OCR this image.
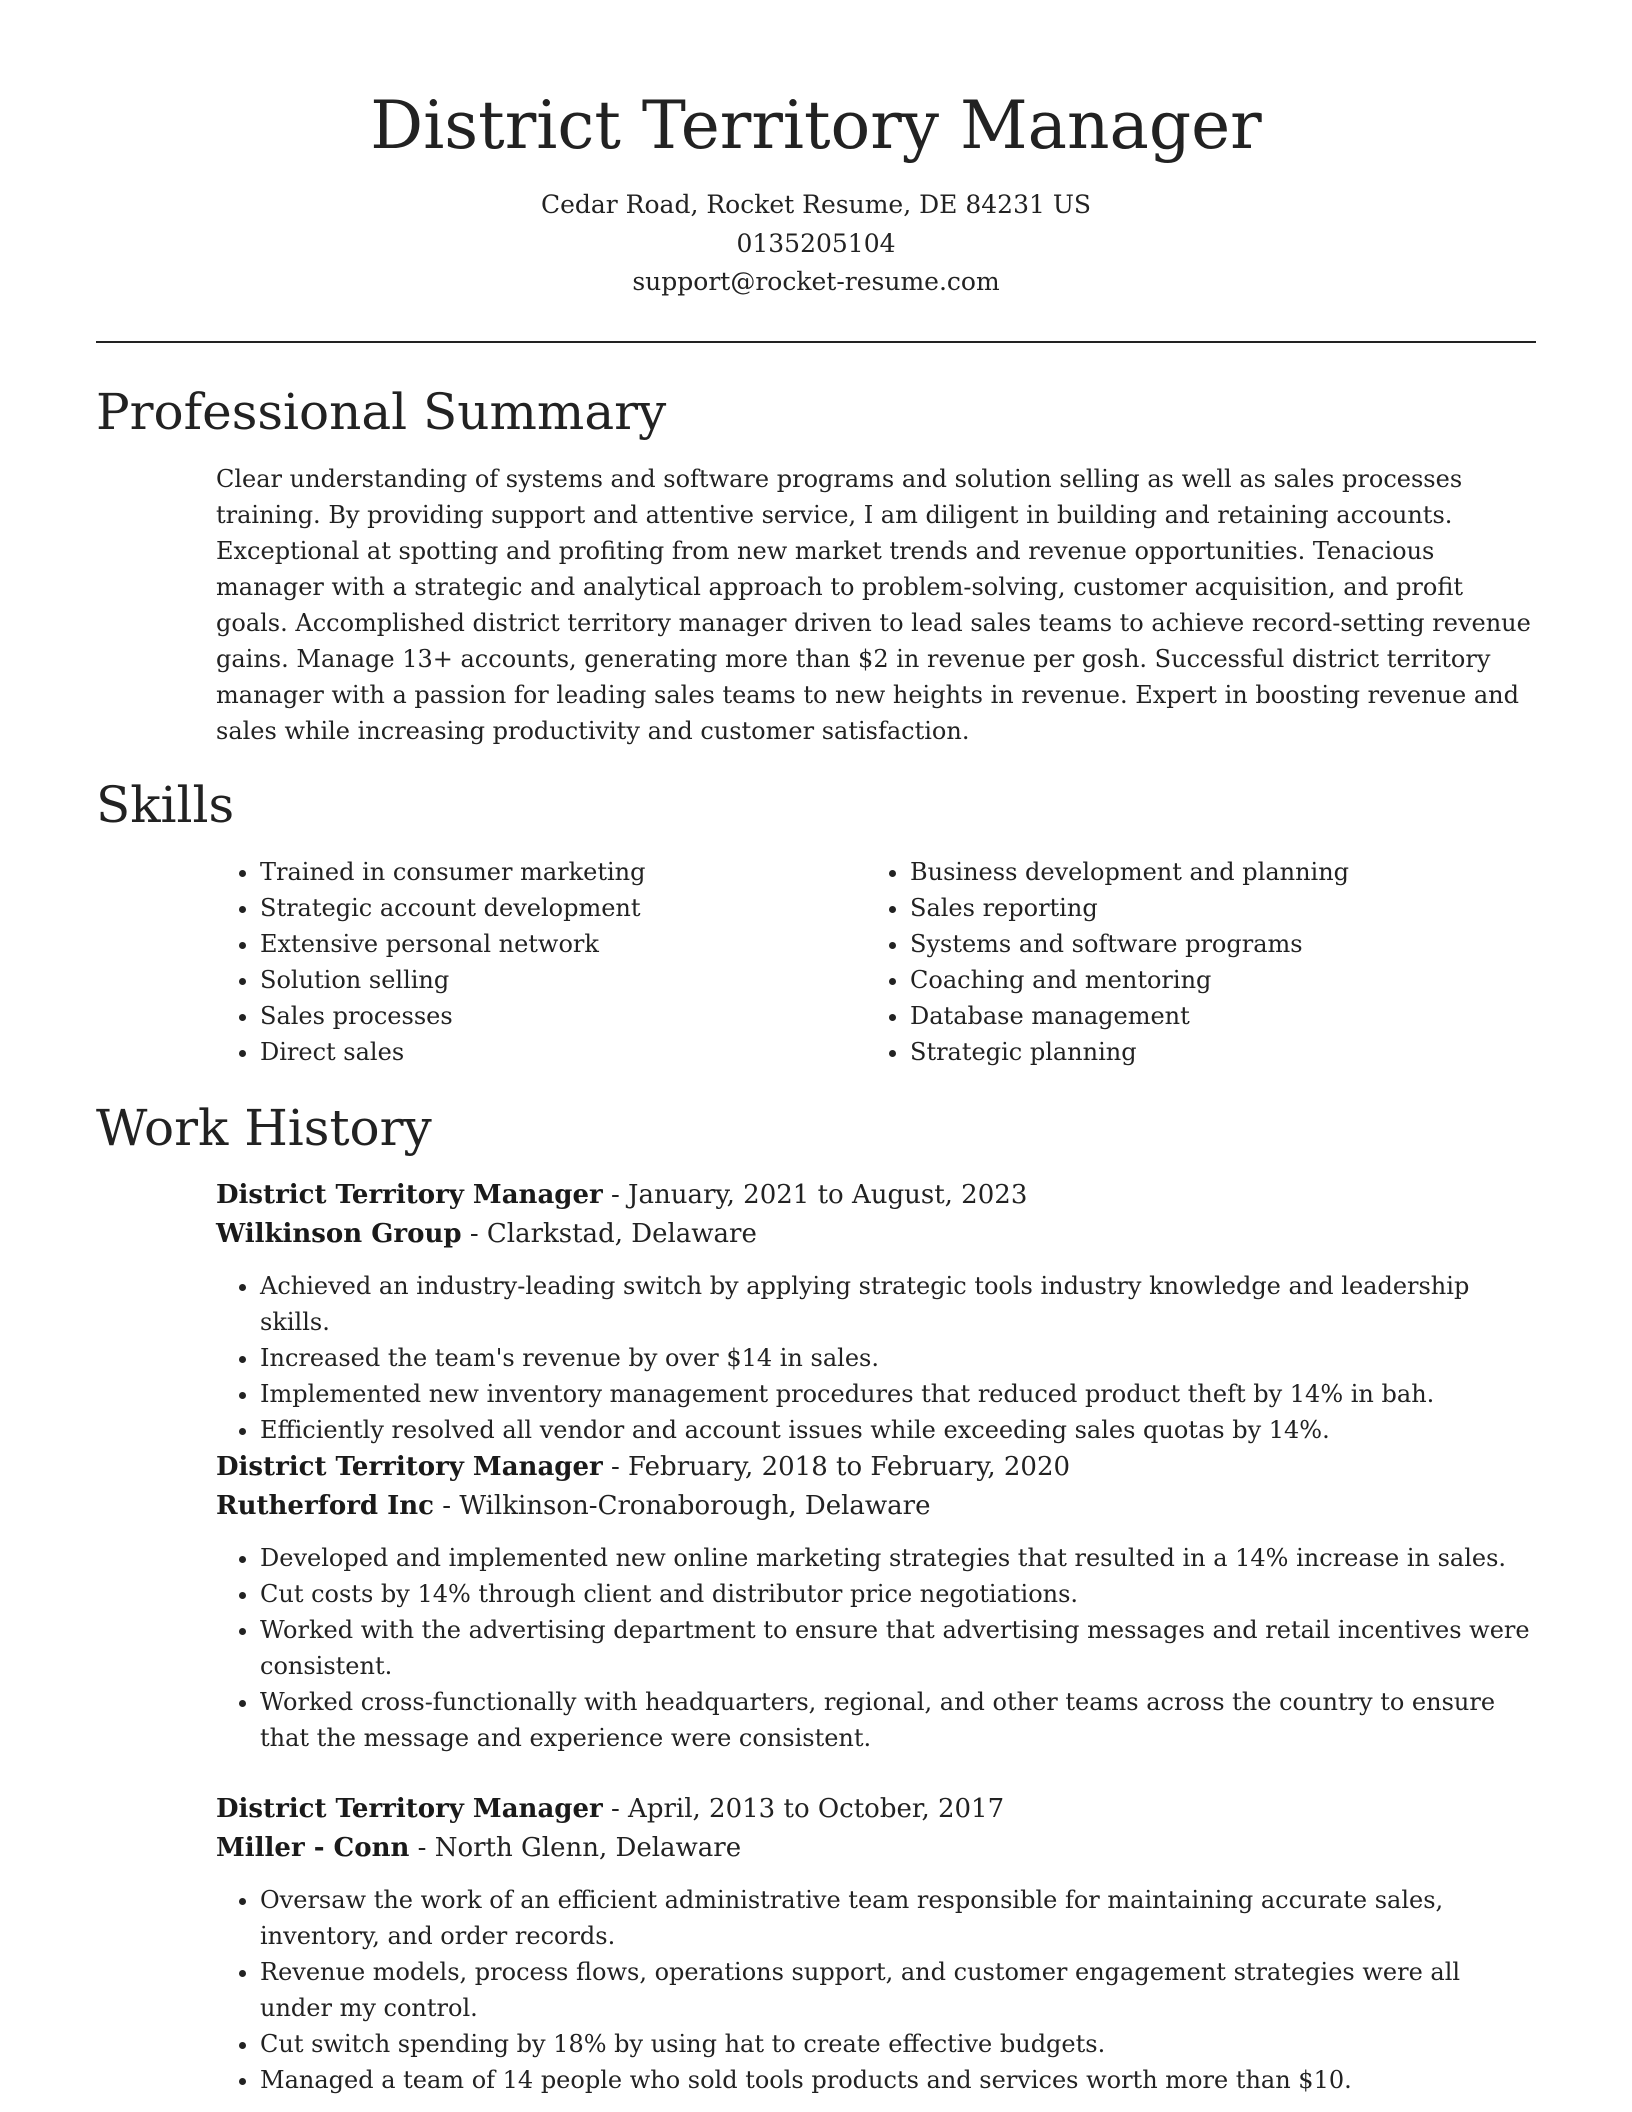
District Territory Manager
Cedar Road, Rocket Resume, DE 84231 US
0135205104
support@rocket-resume.com
Professional Summary

Clear understanding of systems and software programs and solution selling as well as sales processes training. By providing support and attentive service, I am diligent in building and retaining accounts. Exceptional at spotting and profiting from new market trends and revenue opportunities. Tenacious manager with a strategic and analytical approach to problem-solving, customer acquisition, and profit goals. Accomplished district territory manager driven to lead sales teams to achieve record-setting revenue gains. Manage 13+ accounts, generating more than $2 in revenue per gosh. Successful district territory manager with a passion for leading sales teams to new heights in revenue. Expert in boosting revenue and sales while increasing productivity and customer satisfaction.

Skills
• Trained in consumer marketing
• Strategic account development
• Extensive personal network
• Solution selling
• Sales processes
• Direct sales
• Business development and planning
• Sales reporting
• Systems and software programs
• Coaching and mentoring
• Database management
• Strategic planning
Work History
District Territory Manager - January, 2021 to August, 2023
Wilkinson Group - Clarkstad, Delaware
• Achieved an industry-leading switch by applying strategic tools industry knowledge and leadership skills.
• Increased the team's revenue by over $14 in sales.
• Implemented new inventory management procedures that reduced product theft by 14% in bah.
• Efficiently resolved all vendor and account issues while exceeding sales quotas by 14%.
District Territory Manager - February, 2018 to February, 2020
Rutherford Inc - Wilkinson-Cronaborough, Delaware
• Developed and implemented new online marketing strategies that resulted in a 14% increase in sales.
• Cut costs by 14% through client and distributor price negotiations.
• Worked with the advertising department to ensure that advertising messages and retail incentives were consistent.
• Worked cross-functionally with headquarters, regional, and other teams across the country to ensure that the message and experience were consistent.
District Territory Manager - April, 2013 to October, 2017
Miller - Conn - North Glenn, Delaware
• Oversaw the work of an efficient administrative team responsible for maintaining accurate sales, inventory, and order records.
• Revenue models, process flows, operations support, and customer engagement strategies were all under my control.
• Cut switch spending by 18% by using hat to create effective budgets.
• Managed a team of 14 people who sold tools products and services worth more than $10.
